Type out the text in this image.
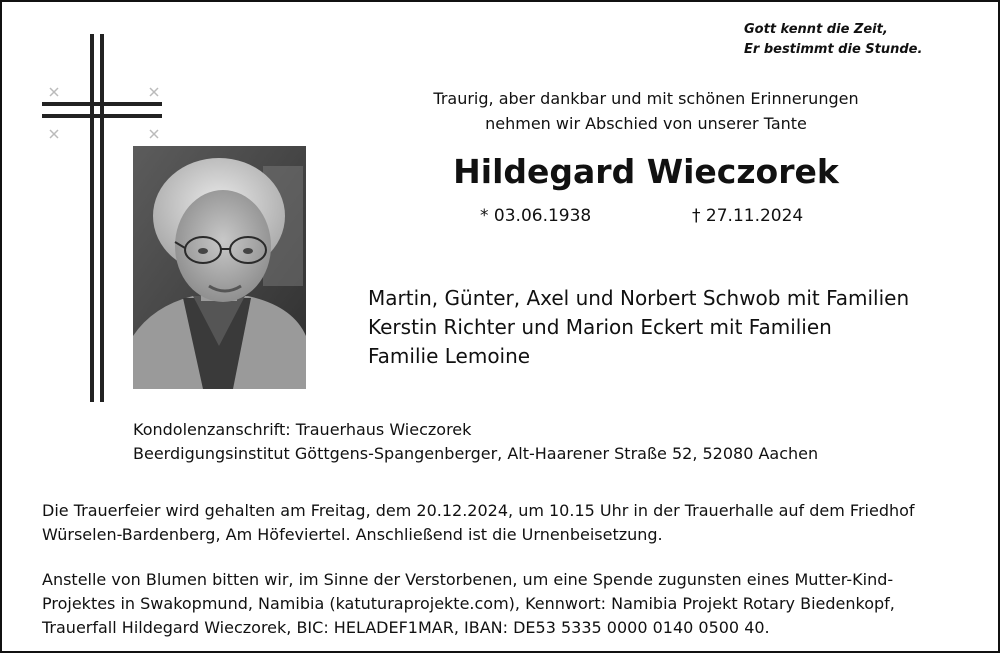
Gott kennt die Zeit,
Er bestimmt die Stunde.
Traurig, aber dankbar und mit schönen Erinnerungen
nehmen wir Abschied von unserer Tante
Hildegard Wieczorek
* 03.06.1938	† 27.11.2024
Martin, Günter, Axel und Norbert Schwob mit Familien
Kerstin Richter und Marion Eckert mit Familien
Familie Lemoine
Kondolenzanschrift: Trauerhaus Wieczorek
Beerdigungsinstitut Göttgens-Spangenberger, Alt-Haarener Straße 52, 52080 Aachen
Die Trauerfeier wird gehalten am Freitag, dem 20.12.2024, um 10.15 Uhr in der Trauerhalle auf dem Friedhof
Würselen-Bardenberg, Am Höfeviertel. Anschließend ist die Urnenbeisetzung.
Anstelle von Blumen bitten wir, im Sinne der Verstorbenen, um eine Spende zugunsten eines Mutter-Kind-
Projektes in Swakopmund, Namibia (katuturaprojekte.com), Kennwort: Namibia Projekt Rotary Biedenkopf,
Trauerfall Hildegard Wieczorek, BIC: HELADEF1MAR, IBAN: DE53 5335 0000 0140 0500 40.
